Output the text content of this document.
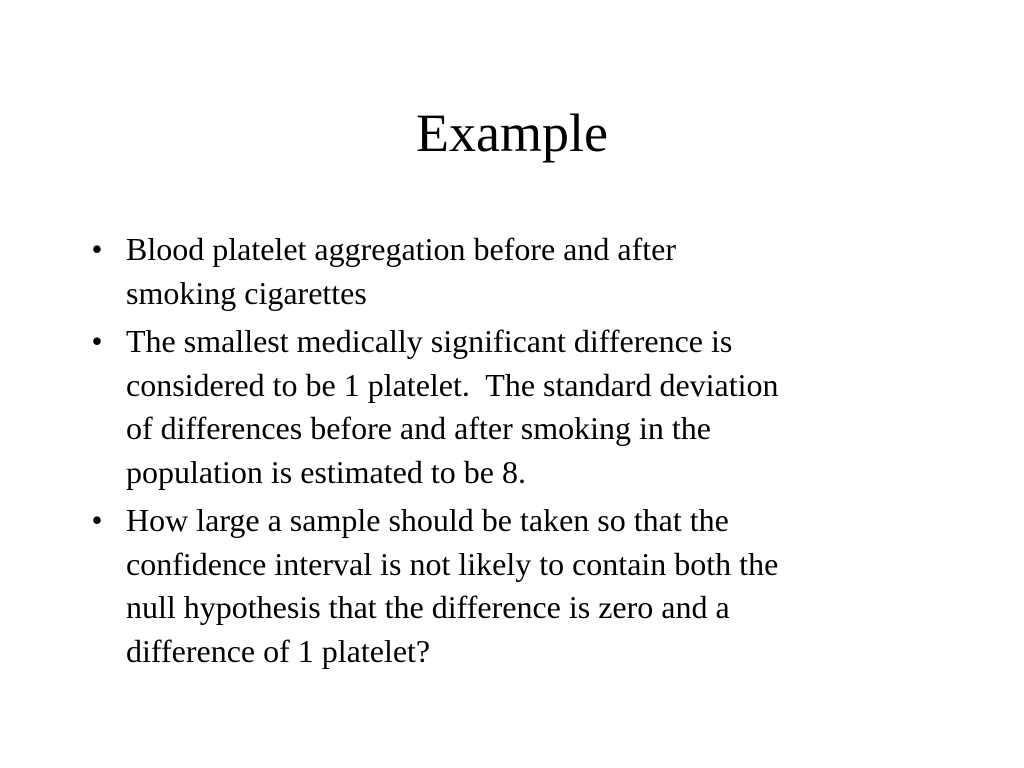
Example
• Blood platelet aggregation before and after
smoking cigarettes
• The smallest medically significant difference is
considered to be 1 platelet.  The standard deviation
of differences before and after smoking in the
population is estimated to be 8.
• How large a sample should be taken so that the
confidence interval is not likely to contain both the
null hypothesis that the difference is zero and a
difference of 1 platelet?
